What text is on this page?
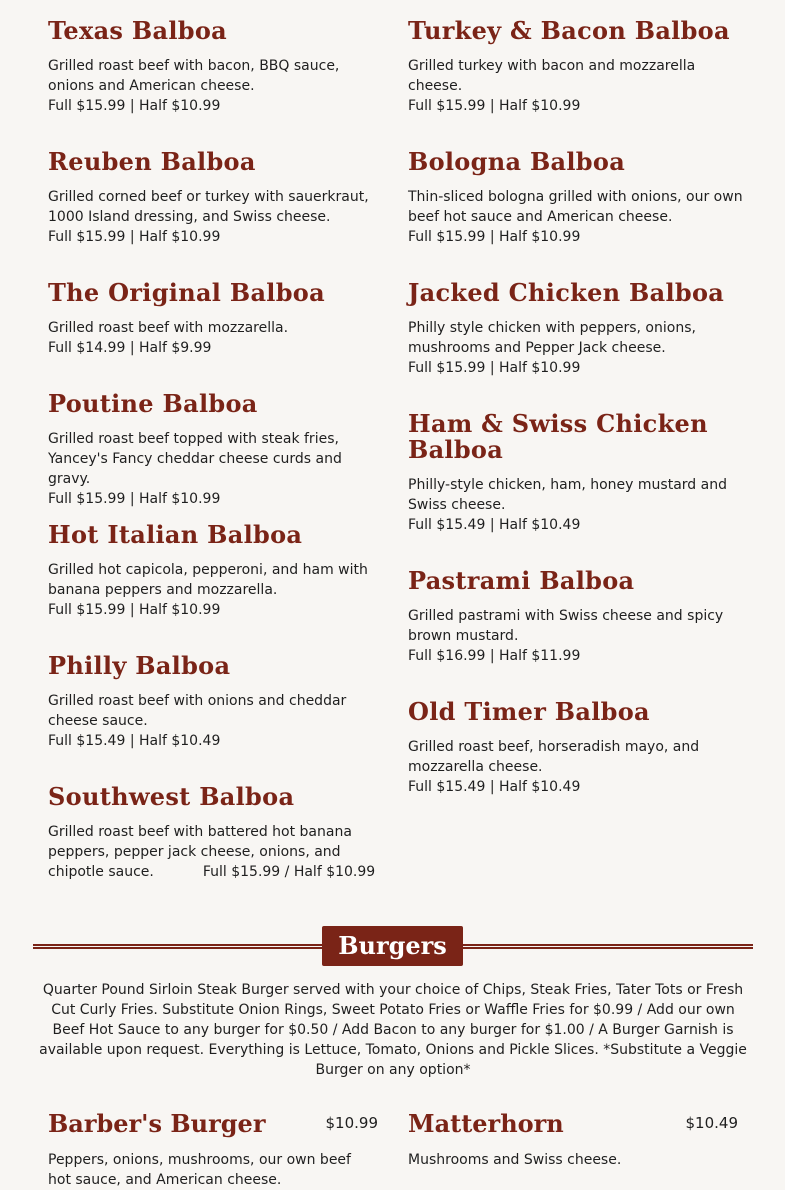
Texas Balboa

Grilled roast beef with bacon, BBQ sauce, onions and American cheese.

Full $15.99 | Half $10.99

Reuben Balboa

Grilled corned beef or turkey with sauerkraut, 1000 Island dressing, and Swiss cheese.

Full $15.99 | Half $10.99

The Original Balboa

Grilled roast beef with mozzarella.

Full $14.99 | Half $9.99

Poutine Balboa

Grilled roast beef topped with steak fries, Yancey's Fancy cheddar cheese curds and gravy.

Full $15.99 | Half $10.99

Hot Italian Balboa

Grilled hot capicola, pepperoni, and ham with banana peppers and mozzarella.

Full $15.99 | Half $10.99

Philly Balboa

Grilled roast beef with onions and cheddar cheese sauce.

Full $15.49 | Half $10.49

Southwest Balboa

Grilled roast beef with battered hot banana peppers, pepper jack cheese, onions, and chipotle sauce.	Full $15.99 / Half $10.99

Turkey & Bacon Balboa

Grilled turkey with bacon and mozzarella cheese.

Full $15.99 | Half $10.99

Bologna Balboa

Thin-sliced bologna grilled with onions, our own beef hot sauce and American cheese.

Full $15.99 | Half $10.99

Jacked Chicken Balboa

Philly style chicken with peppers, onions, mushrooms and Pepper Jack cheese.

Full $15.99 | Half $10.99

Ham & Swiss Chicken Balboa

Philly-style chicken, ham, honey mustard and Swiss cheese.

Full $15.49 | Half $10.49

Pastrami Balboa

Grilled pastrami with Swiss cheese and spicy brown mustard.

Full $16.99 | Half $11.99

Old Timer Balboa

Grilled roast beef, horseradish mayo, and mozzarella cheese.

Full $15.49 | Half $10.49

Burgers
Quarter Pound Sirloin Steak Burger served with your choice of Chips, Steak Fries, Tater Tots or Fresh Cut Curly Fries. Substitute Onion Rings, Sweet Potato Fries or Waffle Fries for $0.99 / Add our own Beef Hot Sauce to any burger for $0.50 / Add Bacon to any burger for $1.00 / A Burger Garnish is available upon request. Everything is Lettuce, Tomato, Onions and Pickle Slices. *Substitute a Veggie Burger on any option*
Barber's Burger	$10.99
Peppers, onions, mushrooms, our own beef hot sauce, and American cheese.
Matterhorn	$10.49
Mushrooms and Swiss cheese.
